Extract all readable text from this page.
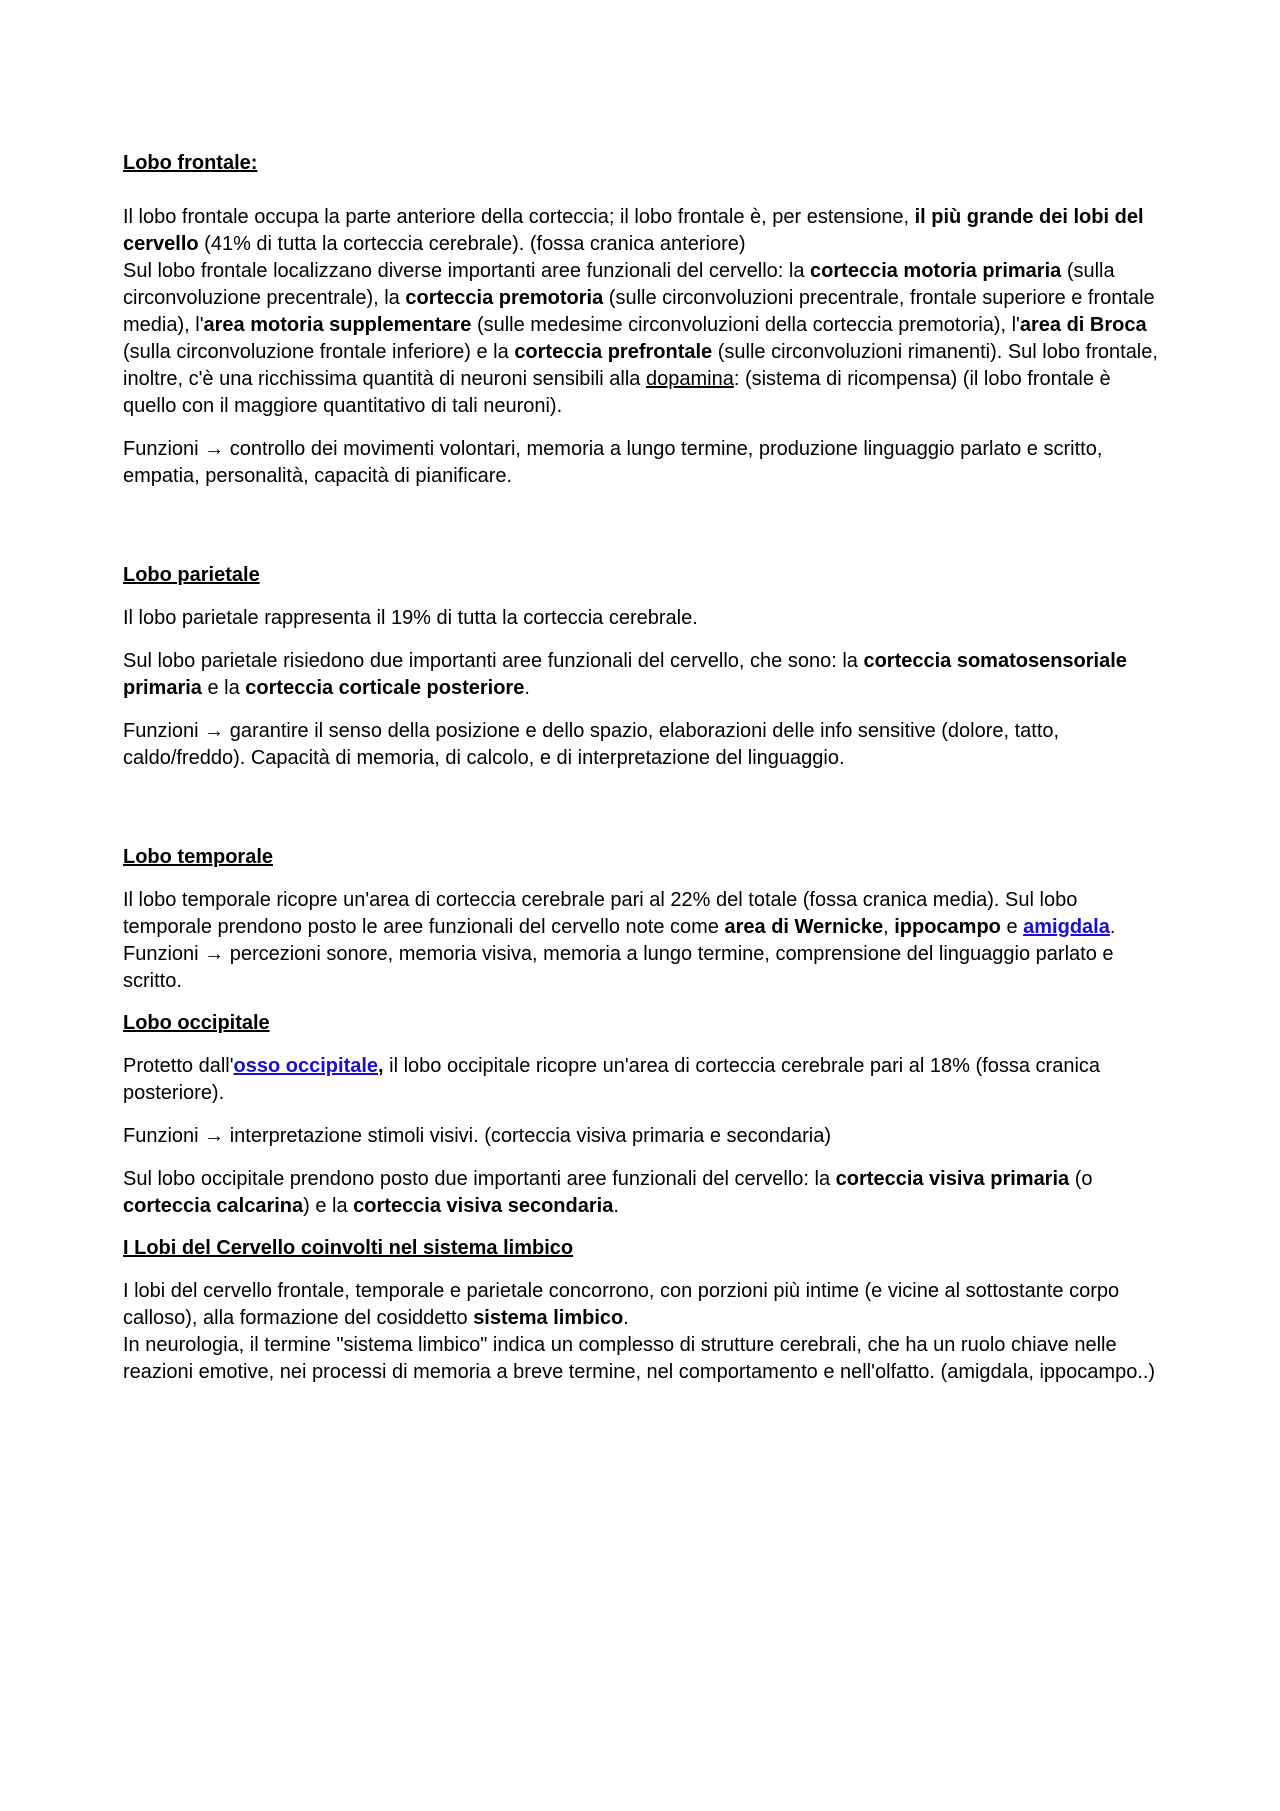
Lobo frontale:

Il lobo frontale occupa la parte anteriore della corteccia; il lobo frontale è, per estensione, il più grande dei lobi del cervello (41% di tutta la corteccia cerebrale). (fossa cranica anteriore)

Sul lobo frontale localizzano diverse importanti aree funzionali del cervello: la corteccia motoria primaria (sulla circonvoluzione precentrale), la corteccia premotoria (sulle circonvoluzioni precentrale, frontale superiore e frontale media), l'area motoria supplementare (sulle medesime circonvoluzioni della corteccia premotoria), l'area di Broca (sulla circonvoluzione frontale inferiore) e la corteccia prefrontale (sulle circonvoluzioni rimanenti). Sul lobo frontale, inoltre, c'è una ricchissima quantità di neuroni sensibili alla dopamina: (sistema di ricompensa) (il lobo frontale è quello con il maggiore quantitativo di tali neuroni).

Funzioni → controllo dei movimenti volontari, memoria a lungo termine, produzione linguaggio parlato e scritto, empatia, personalità, capacità di pianificare.

Lobo parietale

Il lobo parietale rappresenta il 19% di tutta la corteccia cerebrale.

Sul lobo parietale risiedono due importanti aree funzionali del cervello, che sono: la corteccia somatosensoriale primaria e la corteccia corticale posteriore.

Funzioni → garantire il senso della posizione e dello spazio, elaborazioni delle info sensitive (dolore, tatto, caldo/freddo). Capacità di memoria, di calcolo, e di interpretazione del linguaggio.

Lobo temporale

Il lobo temporale ricopre un'area di corteccia cerebrale pari al 22% del totale (fossa cranica media). Sul lobo temporale prendono posto le aree funzionali del cervello note come area di Wernicke, ippocampo e amigdala.

Funzioni → percezioni sonore, memoria visiva, memoria a lungo termine, comprensione del linguaggio parlato e scritto.

Lobo occipitale

Protetto dall'osso occipitale, il lobo occipitale ricopre un'area di corteccia cerebrale pari al 18% (fossa cranica posteriore).

Funzioni → interpretazione stimoli visivi. (corteccia visiva primaria e secondaria)

Sul lobo occipitale prendono posto due importanti aree funzionali del cervello: la corteccia visiva primaria (o corteccia calcarina) e la corteccia visiva secondaria.

I Lobi del Cervello coinvolti nel sistema limbico

I lobi del cervello frontale, temporale e parietale concorrono, con porzioni più intime (e vicine al sottostante corpo calloso), alla formazione del cosiddetto sistema limbico.

In neurologia, il termine "sistema limbico" indica un complesso di strutture cerebrali, che ha un ruolo chiave nelle reazioni emotive, nei processi di memoria a breve termine, nel comportamento e nell'olfatto. (amigdala, ippocampo..)
